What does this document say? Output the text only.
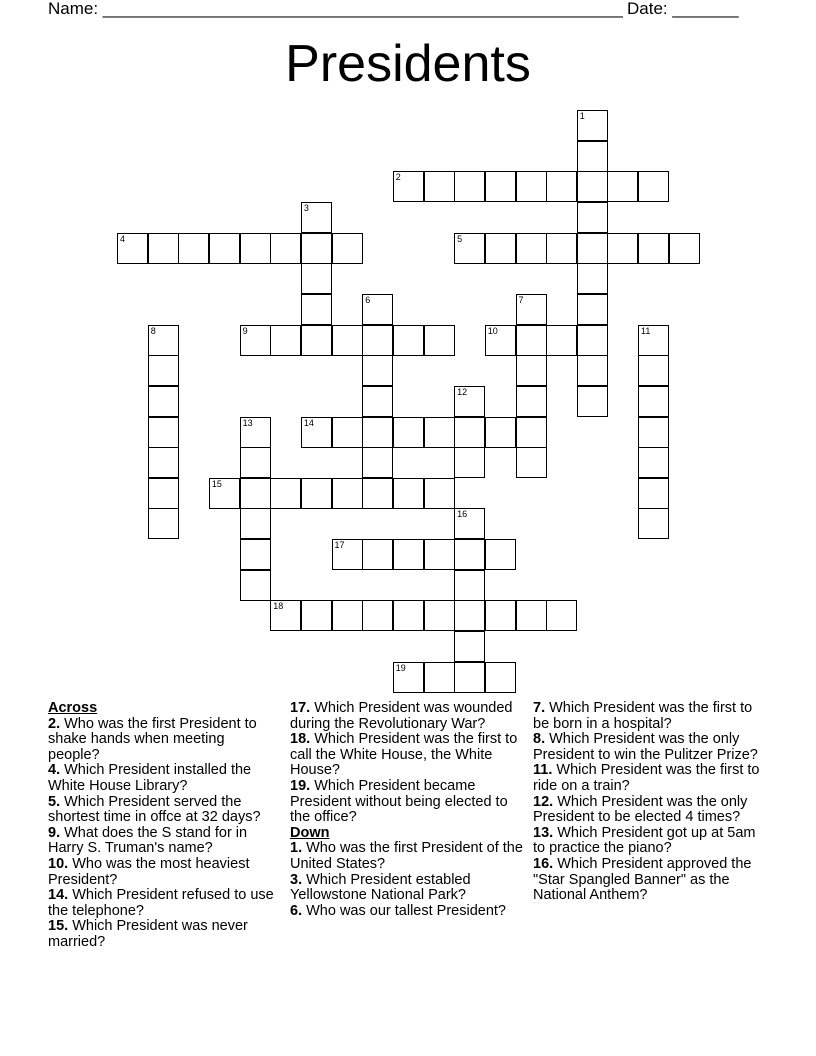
Name: _______________________________________________________ Date: _______
Presidents
1
2
3
4	5
6	7
8	9	10	11
12
13	14
15
16
17
18
19

Across

2. Who was the first President to shake hands when meeting people?

4. Which President installed the White House Library?

5. Which President served the shortest time in offce at 32 days?

9. What does the S stand for in Harry S. Truman's name?

10. Who was the most heaviest President?

14. Which President refused to use the telephone?

15. Which President was never married?

17. Which President was wounded during the Revolutionary War?

18. Which President was the first to call the White House, the White House?

19. Which President became President without being elected to the office?

Down

1. Who was the first President of the United States?

3. Which President establed Yellowstone National Park?

6. Who was our tallest President?

7. Which President was the first to be born in a hospital?

8. Which President was the only President to win the Pulitzer Prize?

11. Which President was the first to ride on a train?

12. Which President was the only President to be elected 4 times?

13. Which President got up at 5am to practice the piano?

16. Which President approved the "Star Spangled Banner" as the National Anthem?
